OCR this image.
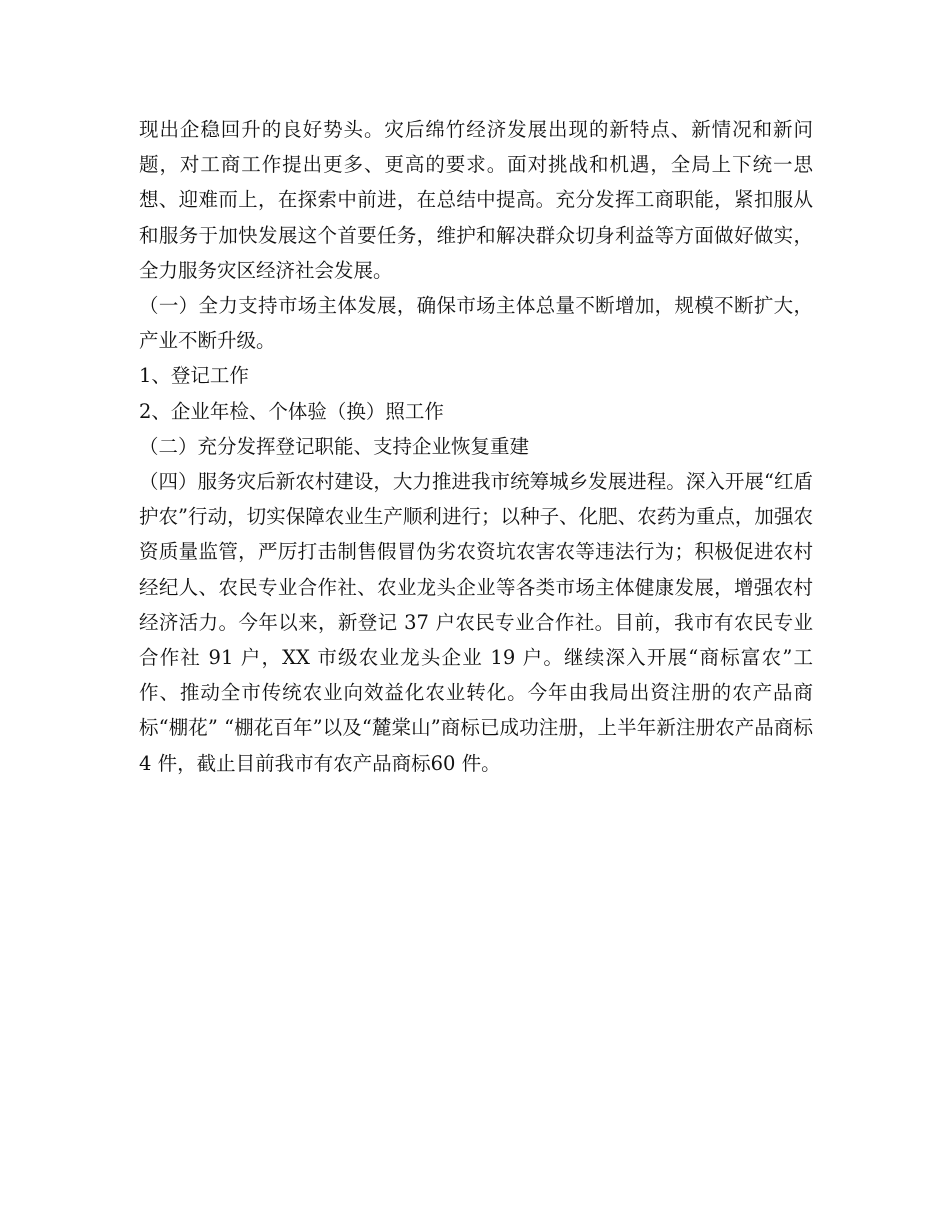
现出企稳回升的良好势头。灾后绵竹经济发展出现的新特点、新情况和新问题，对工商工作提出更多、更高的要求。面对挑战和机遇，全局上下统一思想、迎难而上，在探索中前进，在总结中提高。充分发挥工商职能，紧扣服从和服务于加快发展这个首要任务，维护和解决群众切身利益等方面做好做实，全力服务灾区经济社会发展。

（一）全力支持市场主体发展，确保市场主体总量不断增加，规模不断扩大，产业不断升级。

1、登记工作

2、企业年检、个体验（换）照工作

（二）充分发挥登记职能、支持企业恢复重建

（四）服务灾后新农村建设，大力推进我市统筹城乡发展进程。深入开展“红盾护农”行动，切实保障农业生产顺利进行；以种子、化肥、农药为重点，加强农资质量监管，严厉打击制售假冒伪劣农资坑农害农等违法行为；积极促进农村经纪人、农民专业合作社、农业龙头企业等各类市场主体健康发展，增强农村经济活力。今年以来，新登记 37 户农民专业合作社。目前，我市有农民专业合作社 91 户，XX 市级农业龙头企业 19 户。继续深入开展“商标富农”工作、推动全市传统农业向效益化农业转化。今年由我局出资注册的农产品商标“棚花” “棚花百年”以及“麓棠山”商标已成功注册，上半年新注册农产品商标 4 件，截止目前我市有农产品商标60 件。
